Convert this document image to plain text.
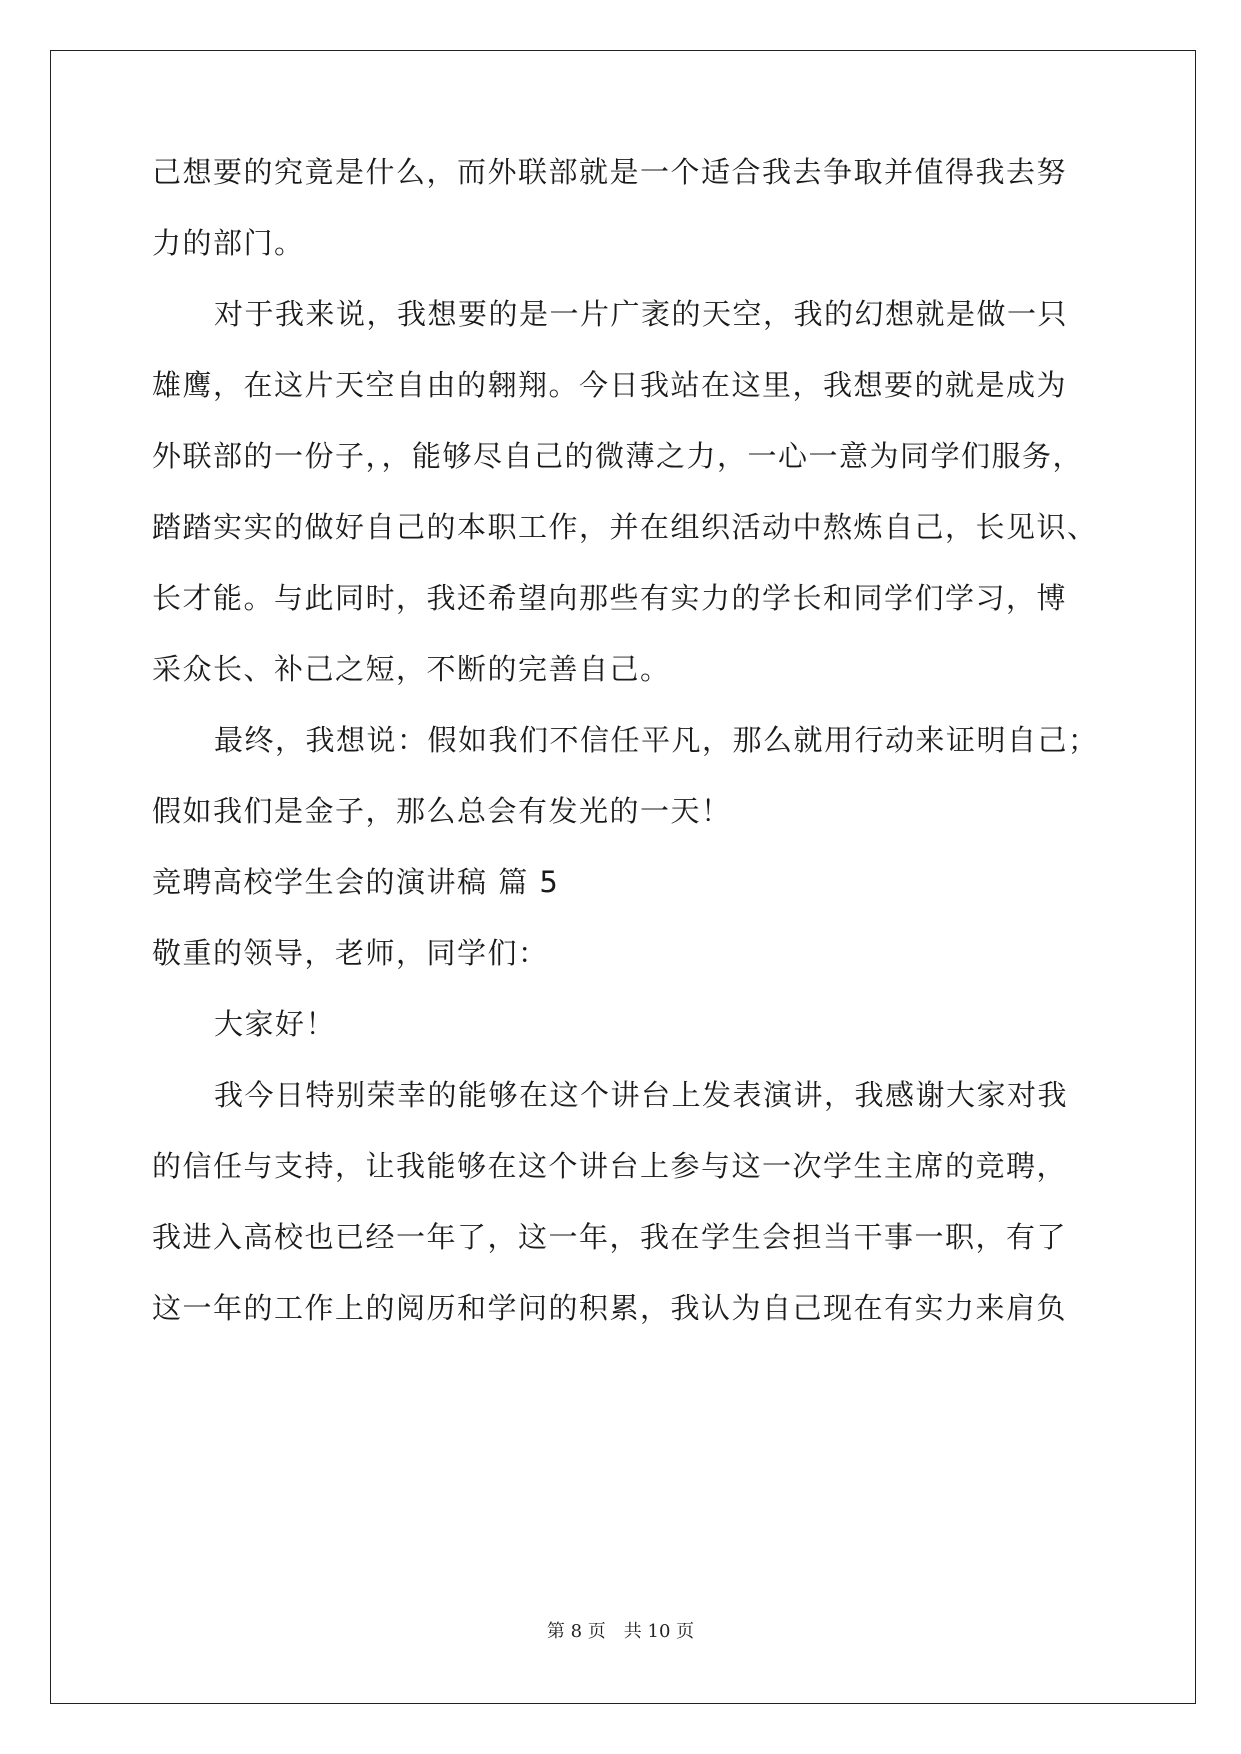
己想要的究竟是什么，而外联部就是一个适合我去争取并值得我去努
力的部门。
对于我来说，我想要的是一片广袤的天空，我的幻想就是做一只
雄鹰，在这片天空自由的翱翔。今日我站在这里，我想要的就是成为
外联部的一份子，，能够尽自己的微薄之力，一心一意为同学们服务，
踏踏实实的做好自己的本职工作，并在组织活动中熬炼自己，长见识、
长才能。与此同时，我还希望向那些有实力的学长和同学们学习，博
采众长、补己之短，不断的完善自己。
最终，我想说：假如我们不信任平凡，那么就用行动来证明自己；
假如我们是金子，那么总会有发光的一天！
竞聘高校学生会的演讲稿 篇 5
敬重的领导，老师，同学们：
大家好！
我今日特别荣幸的能够在这个讲台上发表演讲，我感谢大家对我
的信任与支持，让我能够在这个讲台上参与这一次学生主席的竞聘，
我进入高校也已经一年了，这一年，我在学生会担当干事一职，有了
这一年的工作上的阅历和学问的积累，我认为自己现在有实力来肩负
第 8 页　共 10 页
